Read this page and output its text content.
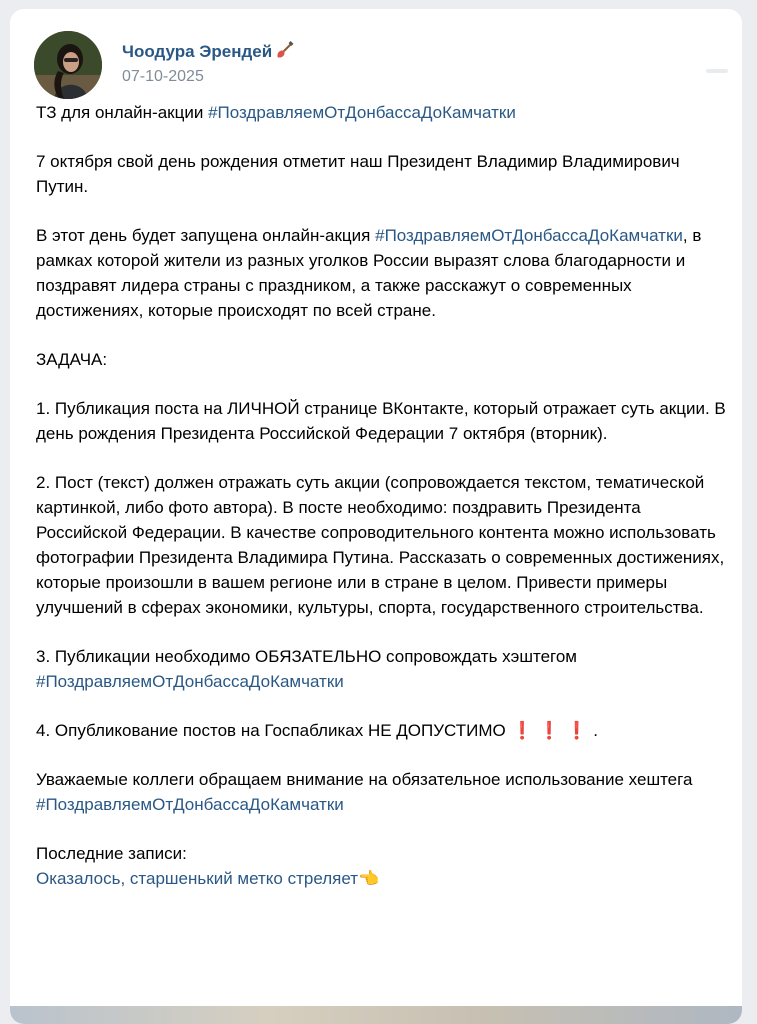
Чоодура Эрендей
07-10-2025

ТЗ для онлайн-акции #ПоздравляемОтДонбассаДоКамчатки

7 октября свой день рождения отметит наш Президент Владимир Владимирович Путин.

В этот день будет запущена онлайн-акция #ПоздравляемОтДонбассаДоКамчатки, в рамках которой жители из разных уголков России выразят слова благодарности и поздравят лидера страны с праздником, а также расскажут о современных достижениях, которые происходят по всей стране.

ЗАДАЧА:

1. Публикация поста на ЛИЧНОЙ странице ВКонтакте, который отражает суть акции. В день рождения Президента Российской Федерации 7 октября (вторник).

2. Пост (текст) должен отражать суть акции (сопровождается текстом, тематической картинкой, либо фото автора). В посте необходимо: поздравить Президента Российской Федерации. В качестве сопроводительного контента можно использовать фотографии Президента Владимира Путина. Рассказать о современных достижениях, которые произошли в вашем регионе или в стране в целом. Привести примеры улучшений в сферах экономики, культуры, спорта, государственного строительства.

3. Публикации необходимо ОБЯЗАТЕЛЬНО сопровождать хэштегом
#ПоздравляемОтДонбассаДоКамчатки

4. Опубликование постов на Госпабликах НЕ ДОПУСТИМО ❗❗❗.

Уважаемые коллеги обращаем внимание на обязательное использование хештега #ПоздравляемОтДонбассаДоКамчатки

Последние записи:

Оказалось, старшенький метко стреляет👈
